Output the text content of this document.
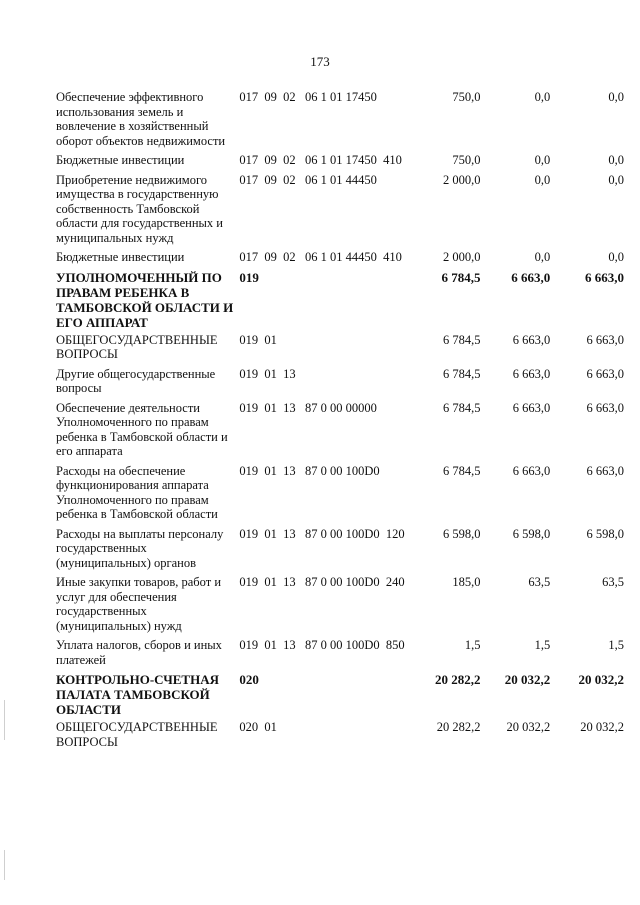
173
Обеспечение эффективного использования земель и вовлечение в хозяйственный оборот объектов недвижимости
017  09  02   06 1 01 17450	750,0	0,0	0,0
Бюджетные инвестиции	017  09  02   06 1 01 17450  410	750,0	0,0	0,0
Приобретение недвижимого имущества в государственную собственность Тамбовской области для государственных и муниципальных нужд
017  09  02   06 1 01 44450	2 000,0	0,0	0,0
Бюджетные инвестиции	017  09  02   06 1 01 44450  410	2 000,0	0,0	0,0
УПОЛНОМОЧЕННЫЙ ПО ПРАВАМ РЕБЕНКА В ТАМБОВСКОЙ ОБЛАСТИ И ЕГО АППАРАТ
019	6 784,5	6 663,0	6 663,0
ОБЩЕГОСУДАРСТВЕННЫЕ ВОПРОСЫ
019  01	6 784,5	6 663,0	6 663,0
Другие общегосударственные вопросы
019  01  13	6 784,5	6 663,0	6 663,0
Обеспечение деятельности Уполномоченного по правам ребенка в Тамбовской области и его аппарата
019  01  13   87 0 00 00000	6 784,5	6 663,0	6 663,0
Расходы на обеспечение функционирования аппарата Уполномоченного по правам ребенка в Тамбовской области
019  01  13   87 0 00 100D0	6 784,5	6 663,0	6 663,0
Расходы на выплаты персоналу государственных (муниципальных) органов
019  01  13   87 0 00 100D0  120	6 598,0	6 598,0	6 598,0
Иные закупки товаров, работ и услуг для обеспечения государственных (муниципальных) нужд
019  01  13   87 0 00 100D0  240	185,0	63,5	63,5
Уплата налогов, сборов и иных платежей
019  01  13   87 0 00 100D0  850	1,5	1,5	1,5
КОНТРОЛЬНО-СЧЕТНАЯ ПАЛАТА ТАМБОВСКОЙ ОБЛАСТИ
020	20 282,2	20 032,2	20 032,2
ОБЩЕГОСУДАРСТВЕННЫЕ ВОПРОСЫ
020  01	20 282,2	20 032,2	20 032,2
